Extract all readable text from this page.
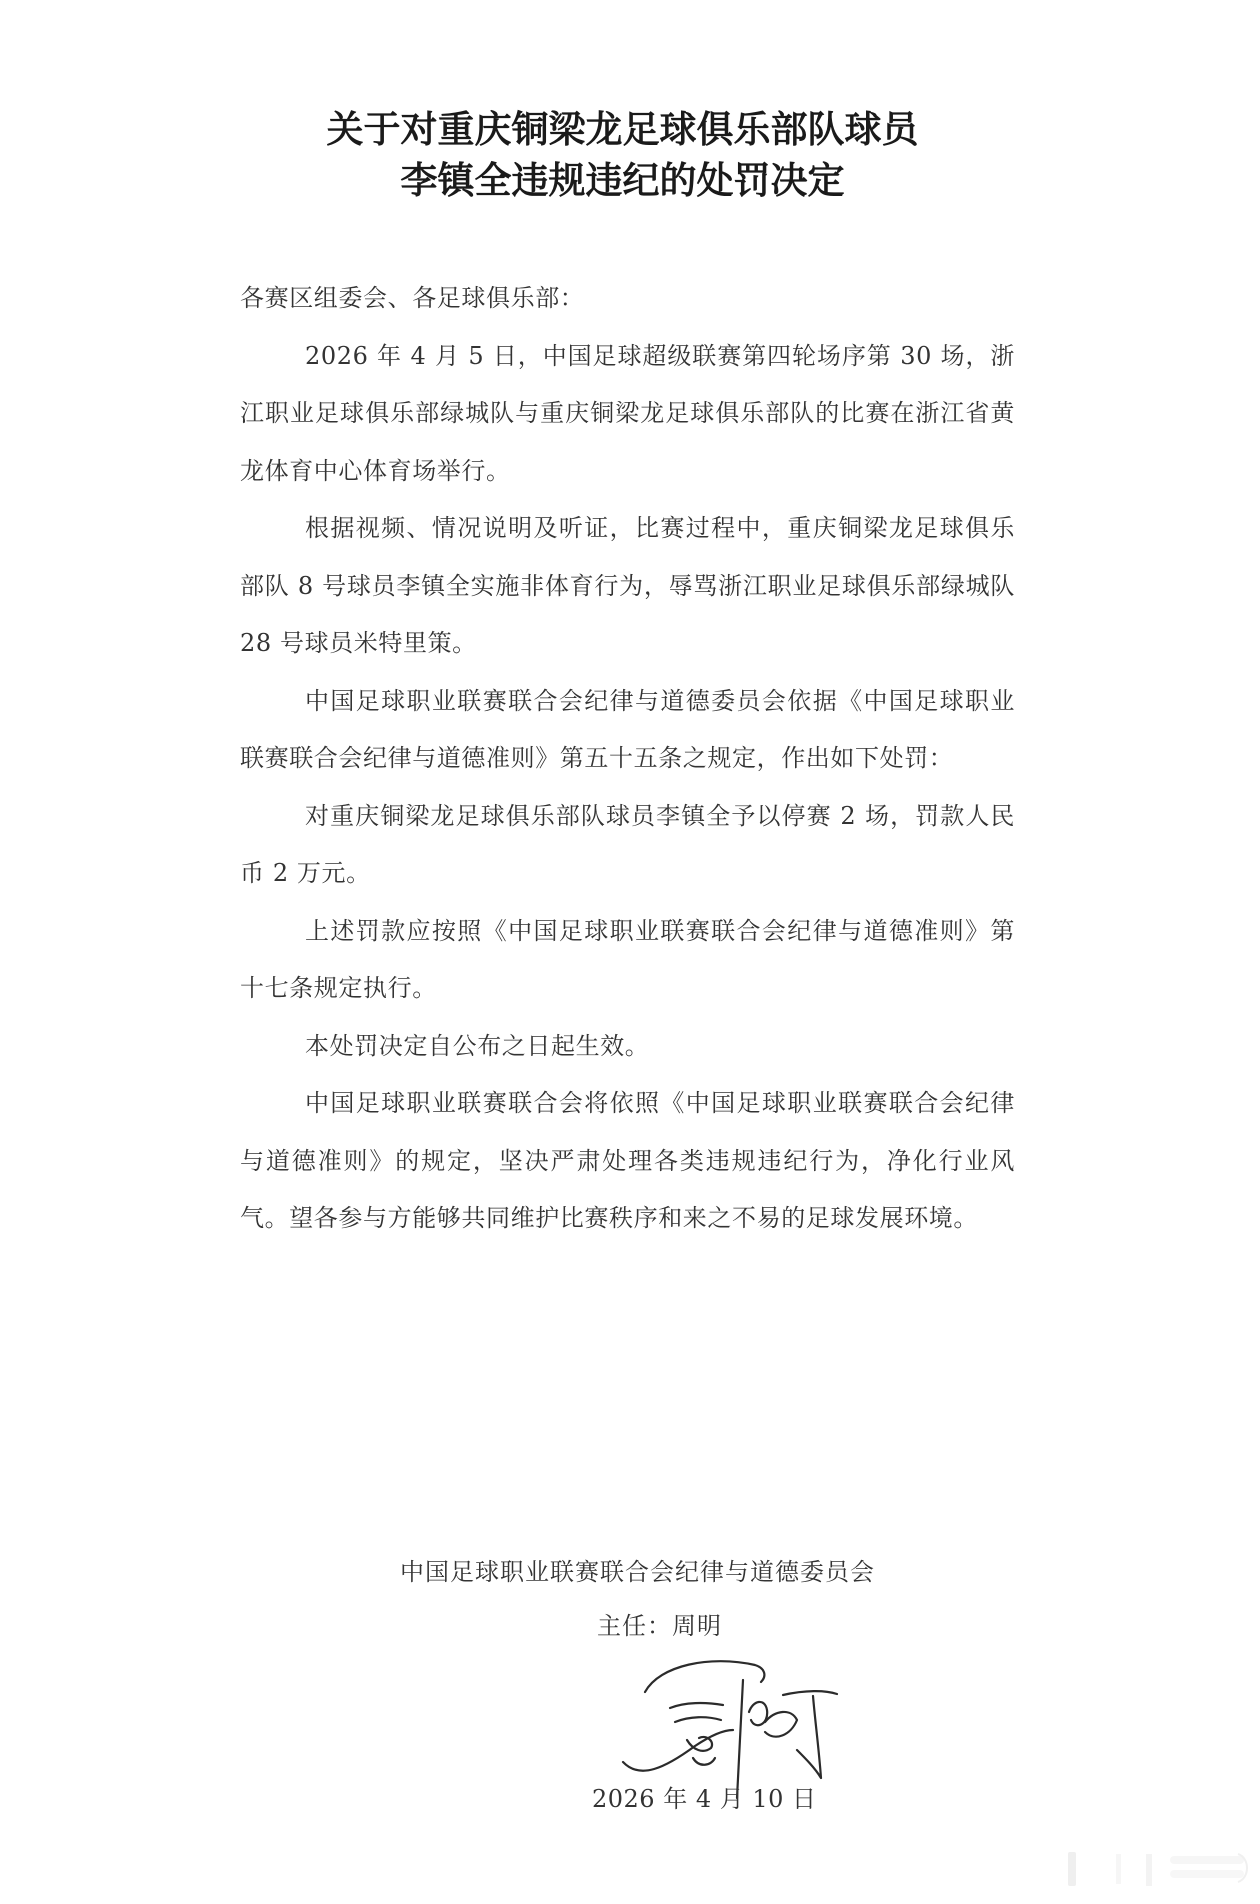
关于对重庆铜梁龙足球俱乐部队球员
李镇全违规违纪的处罚决定

各赛区组委会、各足球俱乐部：

2026 年 4 月 5 日，中国足球超级联赛第四轮场序第 30 场，浙江职业足球俱乐部绿城队与重庆铜梁龙足球俱乐部队的比赛在浙江省黄龙体育中心体育场举行。

根据视频、情况说明及听证，比赛过程中，重庆铜梁龙足球俱乐部队 8 号球员李镇全实施非体育行为，辱骂浙江职业足球俱乐部绿城队 28 号球员米特里策。

中国足球职业联赛联合会纪律与道德委员会依据《中国足球职业联赛联合会纪律与道德准则》第五十五条之规定，作出如下处罚：

对重庆铜梁龙足球俱乐部队球员李镇全予以停赛 2 场，罚款人民币 2 万元。

上述罚款应按照《中国足球职业联赛联合会纪律与道德准则》第十七条规定执行。

本处罚决定自公布之日起生效。

中国足球职业联赛联合会将依照《中国足球职业联赛联合会纪律与道德准则》的规定，坚决严肃处理各类违规违纪行为，净化行业风气。望各参与方能够共同维护比赛秩序和来之不易的足球发展环境。

中国足球职业联赛联合会纪律与道德委员会
主任：周明
2026 年 4 月 10 日
